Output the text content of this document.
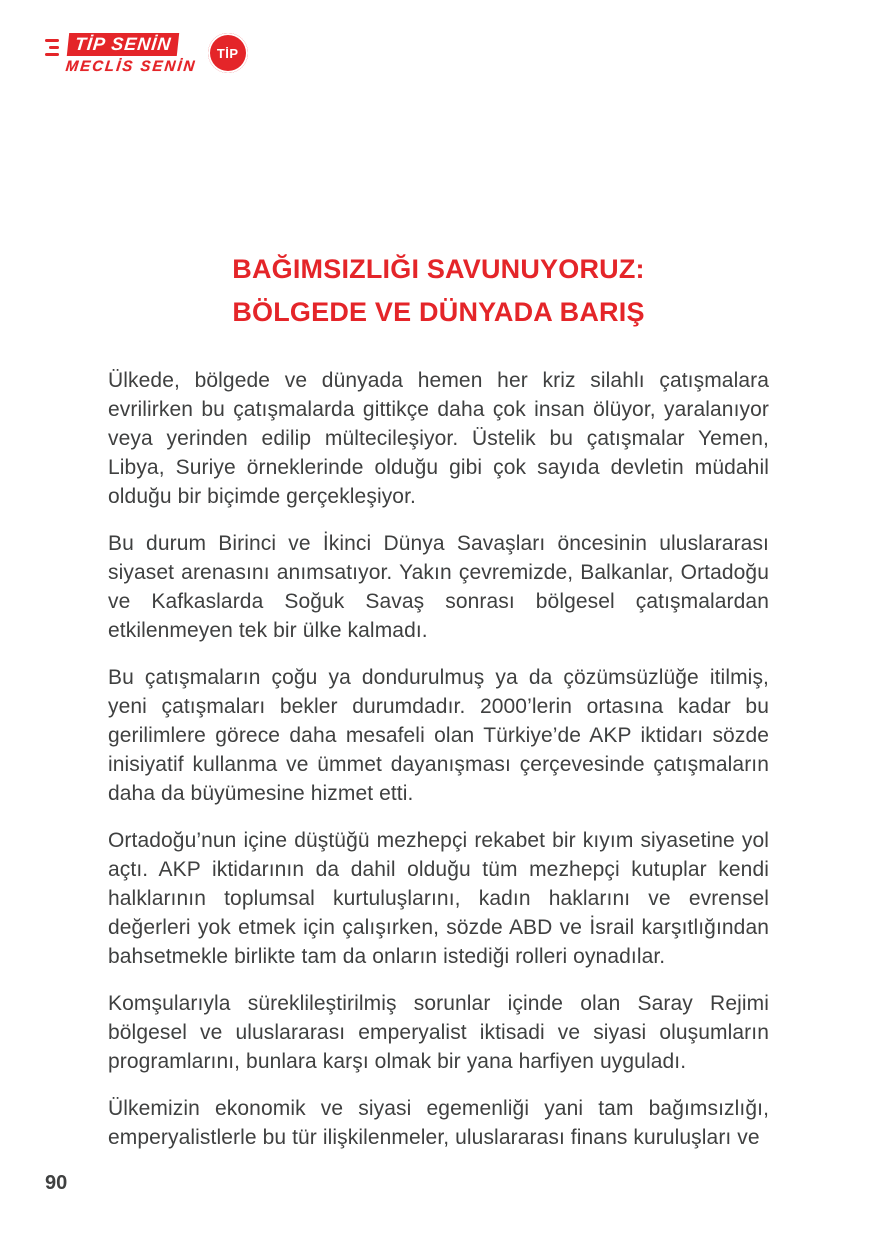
TİP SENİN
MECLİS SENİN
TİP
BAĞIMSIZLIĞI SAVUNUYORUZ:
BÖLGEDE VE DÜNYADA BARIŞ

Ülkede, bölgede ve dünyada hemen her kriz silahlı çatışmalara evrilirken bu çatışmalarda gittikçe daha çok insan ölüyor, yaralanıyor veya yerinden edilip mültecileşiyor. Üstelik bu çatışmalar Yemen, Libya, Suriye örneklerinde olduğu gibi çok sayıda devletin müdahil olduğu bir biçimde gerçekleşiyor.

Bu durum Birinci ve İkinci Dünya Savaşları öncesinin uluslararası siyaset arenasını anımsatıyor. Yakın çevremizde, Balkanlar, Ortadoğu ve Kafkaslarda Soğuk Savaş sonrası bölgesel çatışmalardan etkilenmeyen tek bir ülke kalmadı.

Bu çatışmaların çoğu ya dondurulmuş ya da çözümsüzlüğe itilmiş, yeni çatışmaları bekler durumdadır. 2000’lerin ortasına kadar bu gerilimlere görece daha mesafeli olan Türkiye’de AKP iktidarı sözde inisiyatif kullanma ve ümmet dayanışması çerçevesinde çatışmaların daha da büyümesine hizmet etti.

Ortadoğu’nun içine düştüğü mezhepçi rekabet bir kıyım siyasetine yol açtı. AKP iktidarının da dahil olduğu tüm mezhepçi kutuplar kendi halklarının toplumsal kurtuluşlarını, kadın haklarını ve evrensel değerleri yok etmek için çalışırken, sözde ABD ve İsrail karşıtlığından bahsetmekle birlikte tam da onların istediği rolleri oynadılar.

Komşularıyla süreklileştirilmiş sorunlar içinde olan Saray Rejimi bölgesel ve uluslararası emperyalist iktisadi ve siyasi oluşumların programlarını, bunlara karşı olmak bir yana harfiyen uyguladı.

Ülkemizin ekonomik ve siyasi egemenliği yani tam bağımsızlığı, emperyalistlerle bu tür ilişkilenmeler, uluslararası finans kuruluşları ve

90
